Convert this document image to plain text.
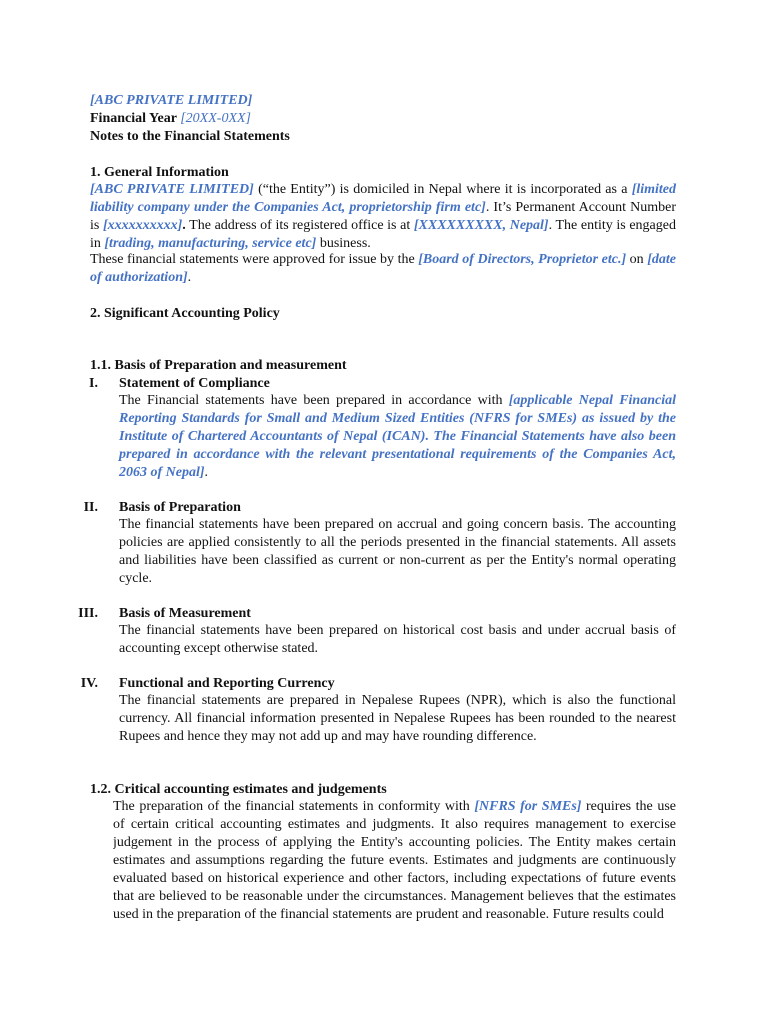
[ABC PRIVATE LIMITED]
Financial Year [20XX-0XX]
Notes to the Financial Statements
1. General Information
[ABC PRIVATE LIMITED] (“the Entity”) is domiciled in Nepal where it is incorporated as a [limited liability company under the Companies Act, proprietorship firm etc]. It’s Permanent Account Number is [xxxxxxxxxx]. The address of its registered office is at [XXXXXXXXX, Nepal]. The entity is engaged in [trading, manufacturing, service etc] business.
These financial statements were approved for issue by the [Board of Directors, Proprietor etc.] on [date of authorization].
2. Significant Accounting Policy
1.1. Basis of Preparation and measurement
I. Statement of Compliance
The Financial statements have been prepared in accordance with [applicable Nepal Financial Reporting Standards for Small and Medium Sized Entities (NFRS for SMEs) as issued by the Institute of Chartered Accountants of Nepal (ICAN). The Financial Statements have also been prepared in accordance with the relevant presentational requirements of the Companies Act, 2063 of Nepal].
II. Basis of Preparation
The financial statements have been prepared on accrual and going concern basis. The accounting policies are applied consistently to all the periods presented in the financial statements. All assets and liabilities have been classified as current or non-current as per the Entity's normal operating cycle.
III. Basis of Measurement
The financial statements have been prepared on historical cost basis and under accrual basis of accounting except otherwise stated.
IV. Functional and Reporting Currency
The financial statements are prepared in Nepalese Rupees (NPR), which is also the functional currency. All financial information presented in Nepalese Rupees has been rounded to the nearest Rupees and hence they may not add up and may have rounding difference.
1.2. Critical accounting estimates and judgements
The preparation of the financial statements in conformity with [NFRS for SMEs] requires the use of certain critical accounting estimates and judgments. It also requires management to exercise judgement in the process of applying the Entity's accounting policies. The Entity makes certain estimates and assumptions regarding the future events. Estimates and judgments are continuously evaluated based on historical experience and other factors, including expectations of future events that are believed to be reasonable under the circumstances. Management believes that the estimates used in the preparation of the financial statements are prudent and reasonable. Future results could
